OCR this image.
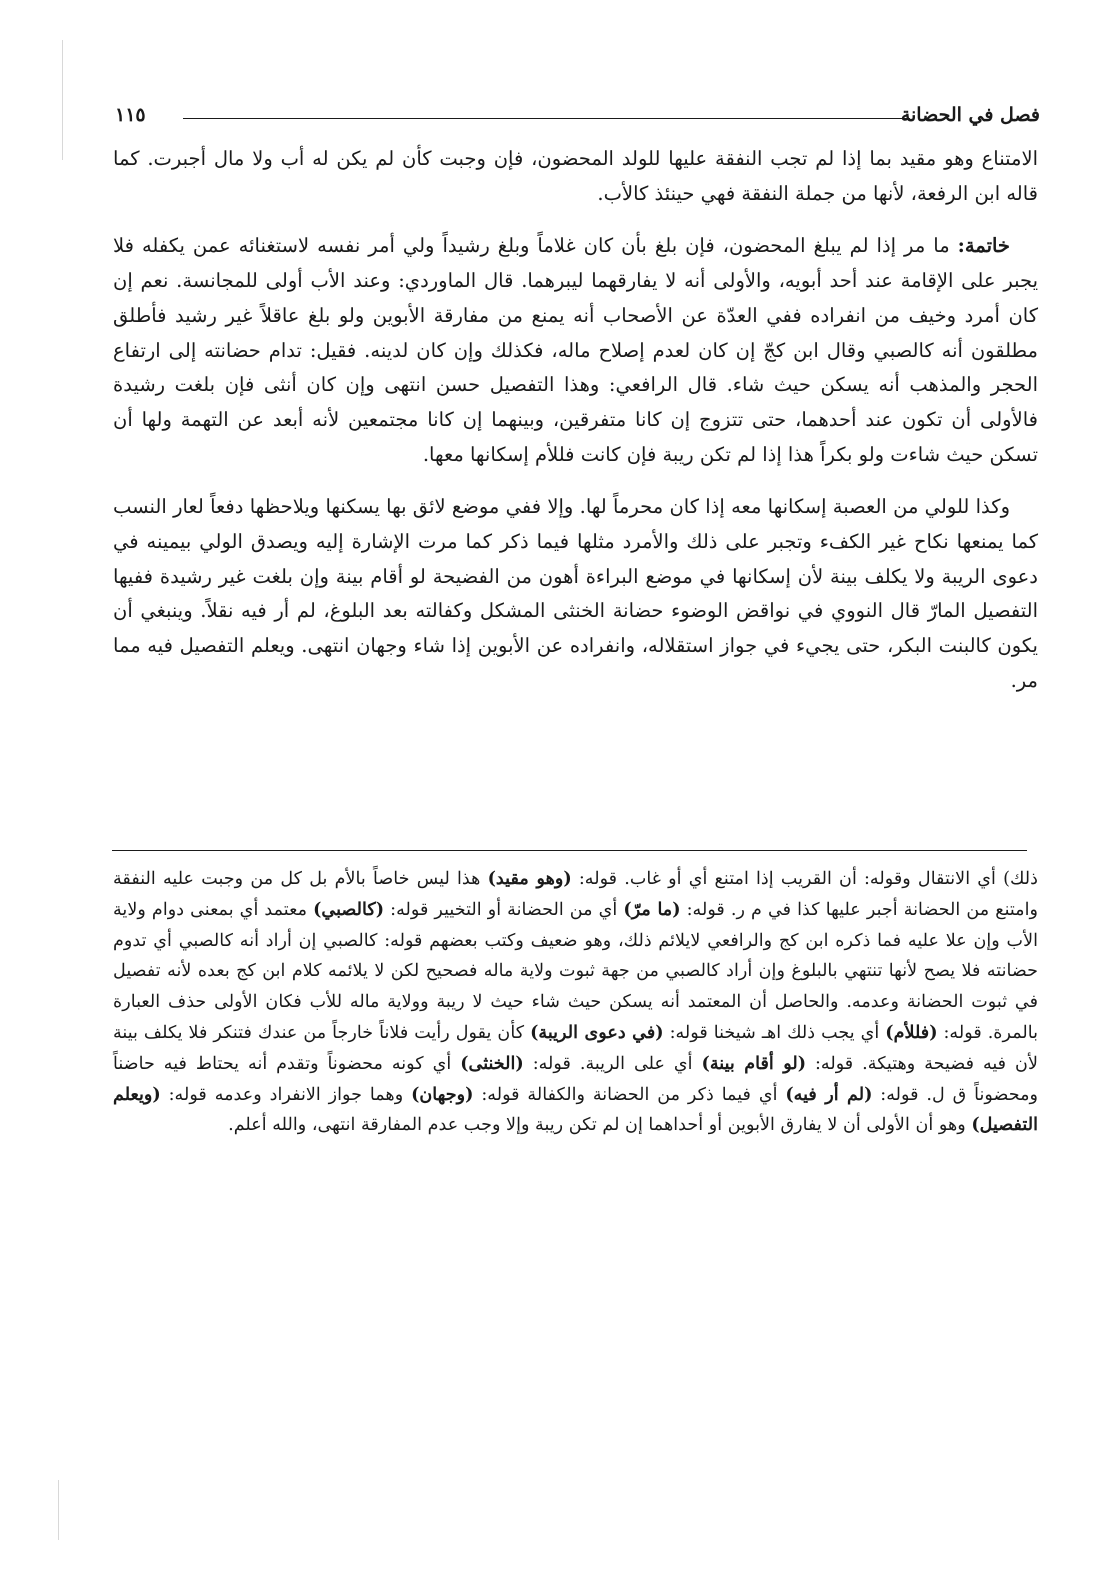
فصل في الحضانة
١١٥

الامتناع وهو مقيد بما إذا لم تجب النفقة عليها للولد المحضون، فإن وجبت كأن لم يكن له أب ولا مال أجبرت. كما قاله ابن الرفعة، لأنها من جملة النفقة فهي حينئذ كالأب.

خاتمة: ما مر إذا لم يبلغ المحضون، فإن بلغ بأن كان غلاماً وبلغ رشيداً ولي أمر نفسه لاستغنائه عمن يكفله فلا يجبر على الإقامة عند أحد أبويه، والأولى أنه لا يفارقهما ليبرهما. قال الماوردي: وعند الأب أولى للمجانسة. نعم إن كان أمرد وخيف من انفراده ففي العدّة عن الأصحاب أنه يمنع من مفارقة الأبوين ولو بلغ عاقلاً غير رشيد فأطلق مطلقون أنه كالصبي وقال ابن كجّ إن كان لعدم إصلاح ماله، فكذلك وإن كان لدينه. فقيل: تدام حضانته إلى ارتفاع الحجر والمذهب أنه يسكن حيث شاء. قال الرافعي: وهذا التفصيل حسن انتهى وإن كان أنثى فإن بلغت رشيدة فالأولى أن تكون عند أحدهما، حتى تتزوج إن كانا متفرقين، وبينهما إن كانا مجتمعين لأنه أبعد عن التهمة ولها أن تسكن حيث شاءت ولو بكراً هذا إذا لم تكن ريبة فإن كانت فللأم إسكانها معها.

وكذا للولي من العصبة إسكانها معه إذا كان محرماً لها. وإلا ففي موضع لائق بها يسكنها ويلاحظها دفعاً لعار النسب كما يمنعها نكاح غير الكفء وتجبر على ذلك والأمرد مثلها فيما ذكر كما مرت الإشارة إليه ويصدق الولي بيمينه في دعوى الريبة ولا يكلف بينة لأن إسكانها في موضع البراءة أهون من الفضيحة لو أقام بينة وإن بلغت غير رشيدة ففيها التفصيل المارّ قال النووي في نواقض الوضوء حضانة الخنثى المشكل وكفالته بعد البلوغ، لم أر فيه نقلاً. وينبغي أن يكون كالبنت البكر، حتى يجيء في جواز استقلاله، وانفراده عن الأبوين إذا شاء وجهان انتهى. ويعلم التفصيل فيه مما مر.

ذلك) أي الانتقال وقوله: أن القريب إذا امتنع أي أو غاب. قوله: (وهو مقيد) هذا ليس خاصاً بالأم بل كل من وجبت عليه النفقة وامتنع من الحضانة أجبر عليها كذا في م ر. قوله: (ما مرّ) أي من الحضانة أو التخيير قوله: (كالصبي) معتمد أي بمعنى دوام ولاية الأب وإن علا عليه فما ذكره ابن كج والرافعي لايلائم ذلك، وهو ضعيف وكتب بعضهم قوله: كالصبي إن أراد أنه كالصبي أي تدوم حضانته فلا يصح لأنها تنتهي بالبلوغ وإن أراد كالصبي من جهة ثبوت ولاية ماله فصحيح لكن لا يلائمه كلام ابن كج بعده لأنه تفصيل في ثبوت الحضانة وعدمه. والحاصل أن المعتمد أنه يسكن حيث شاء حيث لا ريبة وولاية ماله للأب فكان الأولى حذف العبارة بالمرة. قوله: (فللأم) أي يجب ذلك اهـ شيخنا قوله: (في دعوى الريبة) كأن يقول رأيت فلاناً خارجاً من عندك فتنكر فلا يكلف بينة لأن فيه فضيحة وهتيكة. قوله: (لو أقام بينة) أي على الريبة. قوله: (الخنثى) أي كونه محضوناً وتقدم أنه يحتاط فيه حاضناً ومحضوناً ق ل. قوله: (لم أر فيه) أي فيما ذكر من الحضانة والكفالة قوله: (وجهان) وهما جواز الانفراد وعدمه قوله: (ويعلم التفصيل) وهو أن الأولى أن لا يفارق الأبوين أو أحداهما إن لم تكن ريبة وإلا وجب عدم المفارقة انتهى، والله أعلم.
